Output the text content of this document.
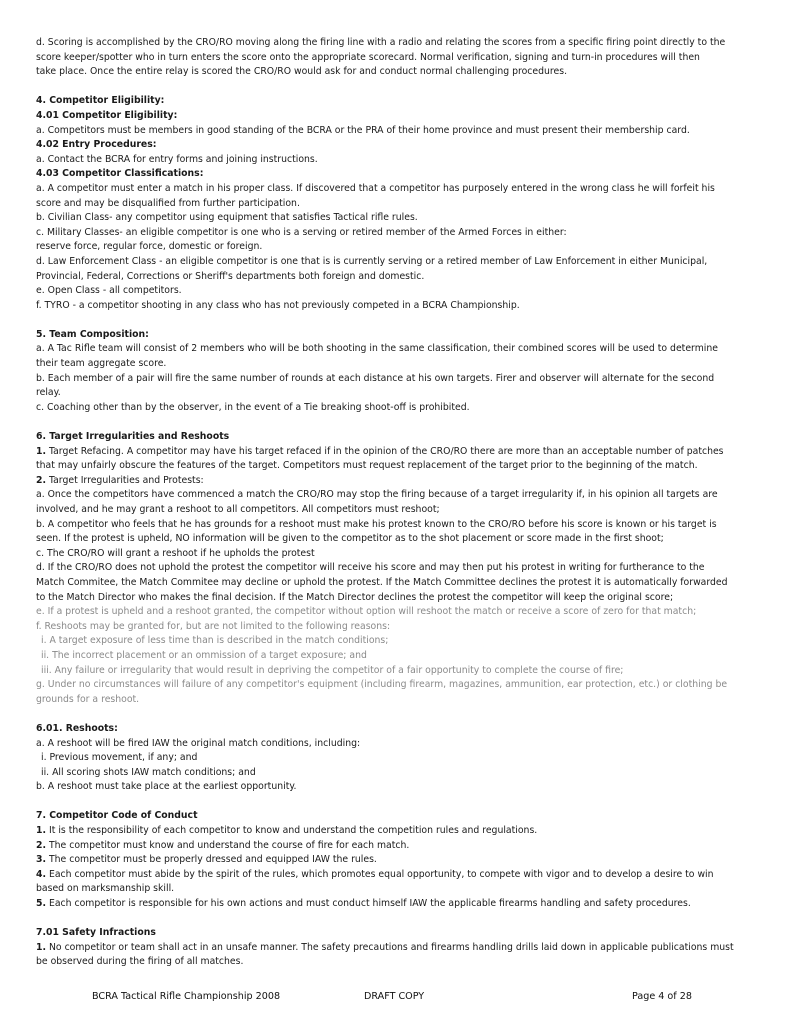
d. Scoring is accomplished by the CRO/RO moving along the firing line with a radio and relating the scores from a specific firing point directly to the

score keeper/spotter who in turn enters the score onto the appropriate scorecard. Normal verification, signing and turn-in procedures will then

take place. Once the entire relay is scored the CRO/RO would ask for and conduct normal challenging procedures.

4. Competitor Eligibility:

4.01 Competitor Eligibility:

a. Competitors must be members in good standing of the BCRA or the PRA of their home province and must present their membership card.

4.02 Entry Procedures:

a. Contact the BCRA for entry forms and joining instructions.

4.03 Competitor Classifications:

a. A competitor must enter a match in his proper class. If discovered that a competitor has purposely entered in the wrong class he will forfeit his

score and may be disqualified from further participation.

b. Civilian Class- any competitor using equipment that satisfies Tactical rifle rules.

c. Military Classes- an eligible competitor is one who is a serving or retired member of the Armed Forces in either:

reserve force, regular force, domestic or foreign.

d. Law Enforcement Class - an eligible competitor is one that is is currently serving or a retired member of Law Enforcement in either Municipal,

Provincial, Federal, Corrections or Sheriff's departments both foreign and domestic.

e. Open Class - all competitors.

f. TYRO - a competitor shooting in any class who has not previously competed in a BCRA Championship.

5. Team Composition:

a. A Tac Rifle team will consist of 2 members who will be both shooting in the same classification, their combined scores will be used to determine

their team aggregate score.

b. Each member of a pair will fire the same number of rounds at each distance at his own targets. Firer and observer will alternate for the second

relay.

c. Coaching other than by the observer, in the event of a Tie breaking shoot-off is prohibited.

6. Target Irregularities and Reshoots

1. Target Refacing. A competitor may have his target refaced if in the opinion of the CRO/RO there are more than an acceptable number of patches

that may unfairly obscure the features of the target. Competitors must request replacement of the target prior to the beginning of the match.

2. Target Irregularities and Protests:

a. Once the competitors have commenced a match the CRO/RO may stop the firing because of a target irregularity if, in his opinion all targets are

involved, and he may grant a reshoot to all competitors. All competitors must reshoot;

b. A competitor who feels that he has grounds for a reshoot must make his protest known to the CRO/RO before his score is known or his target is

seen. If the protest is upheld, NO information will be given to the competitor as to the shot placement or score made in the first shoot;

c. The CRO/RO will grant a reshoot if he upholds the protest

d. If the CRO/RO does not uphold the protest the competitor will receive his score and may then put his protest in writing for furtherance to the

Match Commitee, the Match Commitee may decline or uphold the protest. If the Match Committee declines the protest it is automatically forwarded

to the Match Director who makes the final decision. If the Match Director declines the protest the competitor will keep the original score;

e. If a protest is upheld and a reshoot granted, the competitor without option will reshoot the match or receive a score of zero for that match;

f. Reshoots may be granted for, but are not limited to the following reasons:

i. A target exposure of less time than is described in the match conditions;

ii. The incorrect placement or an ommission of a target exposure; and

iii. Any failure or irregularity that would result in depriving the competitor of a fair opportunity to complete the course of fire;

g. Under no circumstances will failure of any competitor's equipment (including firearm, magazines, ammunition, ear protection, etc.) or clothing be

grounds for a reshoot.

6.01. Reshoots:

a. A reshoot will be fired IAW the original match conditions, including:

i. Previous movement, if any; and

ii. All scoring shots IAW match conditions; and

b. A reshoot must take place at the earliest opportunity.

7. Competitor Code of Conduct

1. It is the responsibility of each competitor to know and understand the competition rules and regulations.

2. The competitor must know and understand the course of fire for each match.

3. The competitor must be properly dressed and equipped IAW the rules.

4. Each competitor must abide by the spirit of the rules, which promotes equal opportunity, to compete with vigor and to develop a desire to win

based on marksmanship skill.

5. Each competitor is responsible for his own actions and must conduct himself IAW the applicable firearms handling and safety procedures.

7.01 Safety Infractions

1. No competitor or team shall act in an unsafe manner. The safety precautions and firearms handling drills laid down in applicable publications must

be observed during the firing of all matches.

BCRA Tactical Rifle Championship 2008	DRAFT COPY	Page 4 of 28
